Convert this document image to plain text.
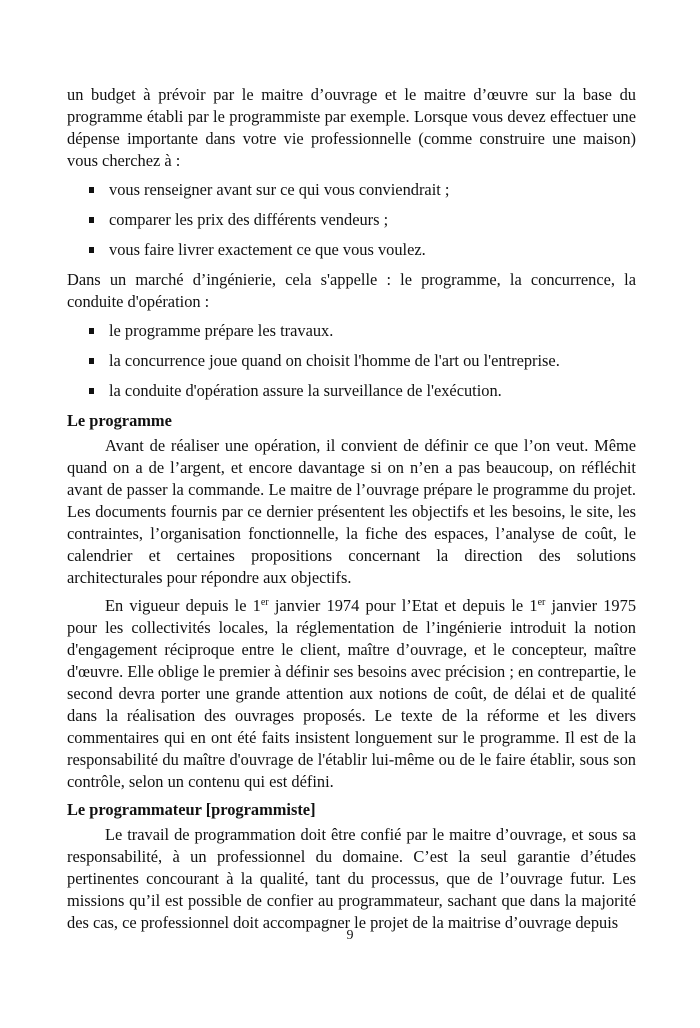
un budget à prévoir par le maitre d’ouvrage et le maitre d’œuvre sur la base du programme établi par le programmiste par exemple. Lorsque vous devez effectuer une dépense importante dans votre vie professionnelle (comme construire une maison) vous cherchez à :

vous renseigner avant sur ce qui vous conviendrait ;
comparer les prix des différents vendeurs ;
vous faire livrer exactement ce que vous voulez.

Dans un marché d’ingénierie, cela s'appelle : le programme, la concurrence, la conduite d'opération :

le programme prépare les travaux.
la concurrence joue quand on choisit l'homme de l'art ou l'entreprise.
la conduite d'opération assure la surveillance de l'exécution.
Le programme

Avant de réaliser une opération, il convient de définir ce que l’on veut. Même quand on a de l’argent, et encore davantage si on n’en a pas beaucoup, on réfléchit avant de passer la commande. Le maitre de l’ouvrage prépare le programme du projet. Les documents fournis par ce dernier présentent les objectifs et les besoins, le site, les contraintes, l’organisation fonctionnelle, la fiche des espaces, l’analyse de coût, le calendrier et certaines propositions concernant la direction des solutions architecturales pour répondre aux objectifs.

En vigueur depuis le 1er janvier 1974 pour l’Etat et depuis le 1er janvier 1975 pour les collectivités locales, la réglementation de l’ingénierie introduit la notion d'engagement réciproque entre le client, maître d’ouvrage, et le concepteur, maître d'œuvre. Elle oblige le premier à définir ses besoins avec précision ; en contrepartie, le second devra porter une grande attention aux notions de coût, de délai et de qualité dans la réalisation des ouvrages proposés. Le texte de la réforme et les divers commentaires qui en ont été faits insistent longuement sur le programme. Il est de la responsabilité du maître d'ouvrage de l'établir lui-même ou de le faire établir, sous son contrôle, selon un contenu qui est défini.

Le programmateur [programmiste]

Le travail de programmation doit être confié par le maitre d’ouvrage, et sous sa responsabilité, à un professionnel du domaine. C’est la seul garantie d’études pertinentes concourant à la qualité, tant du processus, que de l’ouvrage futur. Les missions qu’il est possible de confier au programmateur, sachant que dans la majorité des cas, ce professionnel doit accompagner le projet de la maitrise d’ouvrage depuis

9
